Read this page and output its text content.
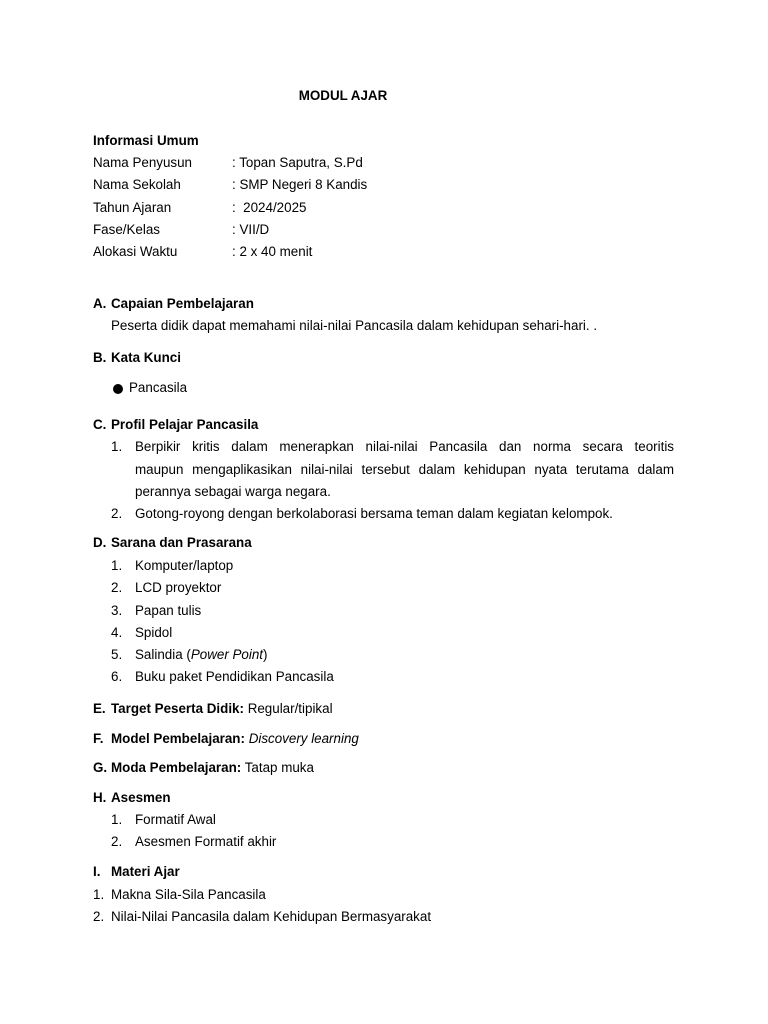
MODUL AJAR
Informasi Umum
Nama Penyusun	: Topan Saputra, S.Pd
Nama Sekolah	: SMP Negeri 8 Kandis
Tahun Ajaran	:  2024/2025
Fase/Kelas	: VII/D
Alokasi Waktu	: 2 x 40 menit
A. Capaian Pembelajaran
Peserta didik dapat memahami nilai-nilai Pancasila dalam kehidupan sehari-hari. .
B. Kata Kunci
Pancasila
C. Profil Pelajar Pancasila
1. Berpikir kritis dalam menerapkan nilai-nilai Pancasila dan norma secara teoritis
maupun mengaplikasikan nilai-nilai tersebut dalam kehidupan nyata terutama dalam
perannya sebagai warga negara.
2. Gotong-royong dengan berkolaborasi bersama teman dalam kegiatan kelompok.
D. Sarana dan Prasarana
1. Komputer/laptop
2. LCD proyektor
3. Papan tulis
4. Spidol
5. Salindia (Power Point)
6. Buku paket Pendidikan Pancasila
E. Target Peserta Didik: Regular/tipikal
F. Model Pembelajaran: Discovery learning
G. Moda Pembelajaran: Tatap muka
H. Asesmen
1. Formatif Awal
2. Asesmen Formatif akhir
I. Materi Ajar
1. Makna Sila-Sila Pancasila
2. Nilai-Nilai Pancasila dalam Kehidupan Bermasyarakat
